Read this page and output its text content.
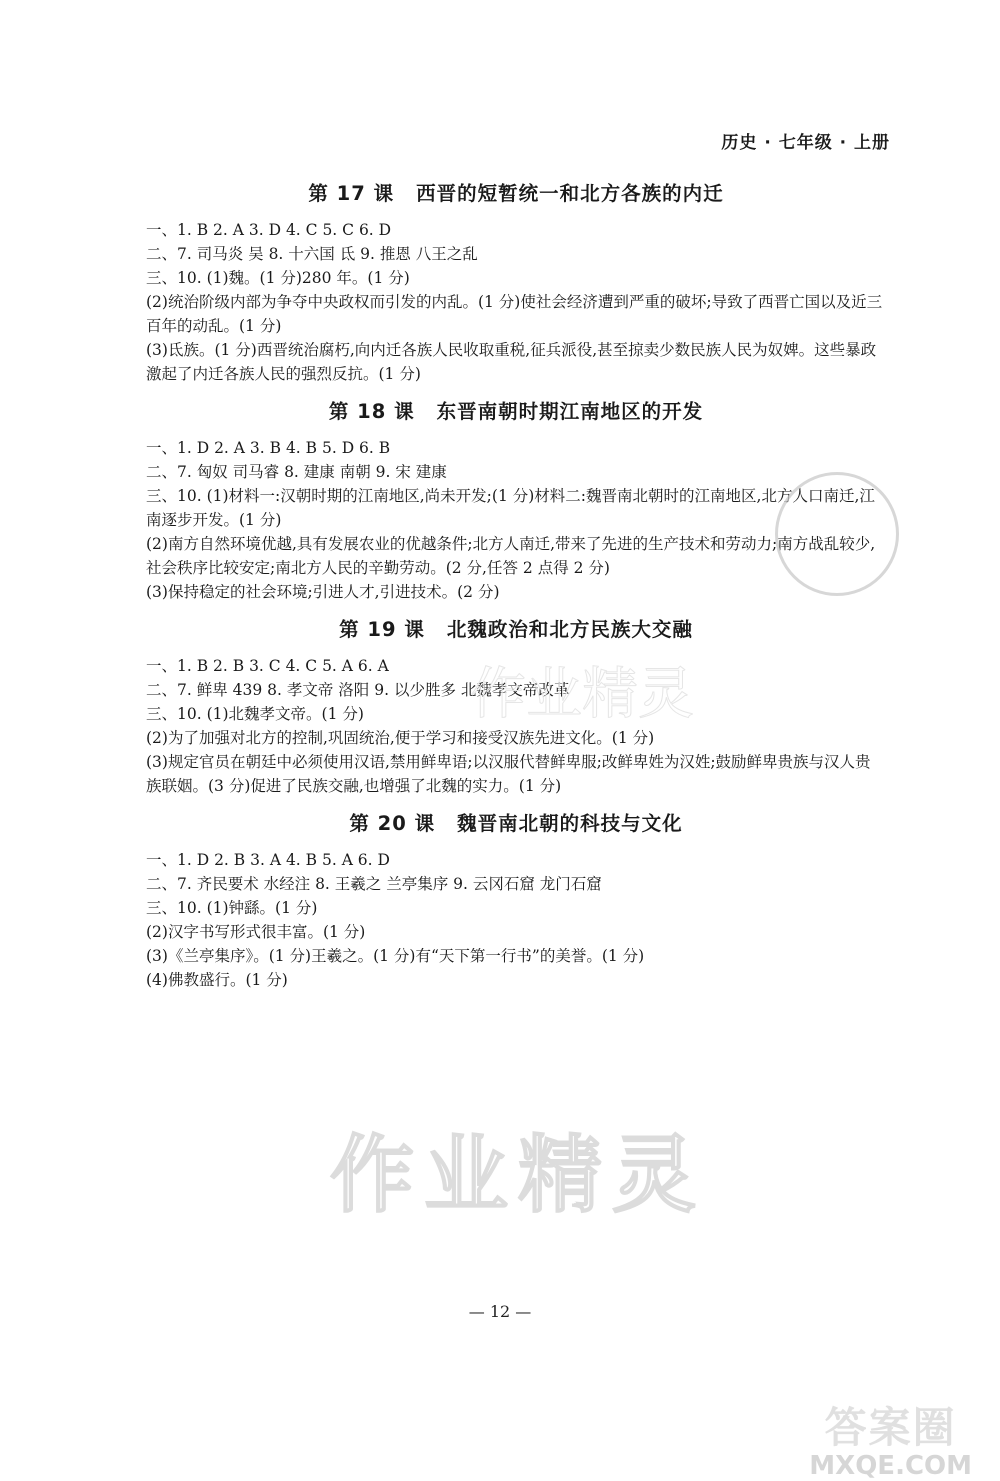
历史 · 七年级 · 上册
第 17 课 西晋的短暂统一和北方各族的内迁

一、1. B 2. A 3. D 4. C 5. C 6. D

二、7. 司马炎 吴 8. 十六国 氐 9. 推恩 八王之乱

三、10. (1)魏。(1 分)280 年。(1 分)

(2)统治阶级内部为争夺中央政权而引发的内乱。(1 分)使社会经济遭到严重的破坏;导致了西晋亡国以及近三百年的动乱。(1 分)

(3)氐族。(1 分)西晋统治腐朽,向内迁各族人民收取重税,征兵派役,甚至掠卖少数民族人民为奴婢。这些暴政激起了内迁各族人民的强烈反抗。(1 分)

第 18 课 东晋南朝时期江南地区的开发

一、1. D 2. A 3. B 4. B 5. D 6. B

二、7. 匈奴 司马睿 8. 建康 南朝 9. 宋 建康

三、10. (1)材料一:汉朝时期的江南地区,尚未开发;(1 分)材料二:魏晋南北朝时的江南地区,北方人口南迁,江南逐步开发。(1 分)

(2)南方自然环境优越,具有发展农业的优越条件;北方人南迁,带来了先进的生产技术和劳动力;南方战乱较少,社会秩序比较安定;南北方人民的辛勤劳动。(2 分,任答 2 点得 2 分)

(3)保持稳定的社会环境;引进人才,引进技术。(2 分)

第 19 课 北魏政治和北方民族大交融

一、1. B 2. B 3. C 4. C 5. A 6. A

二、7. 鲜卑 439 8. 孝文帝 洛阳 9. 以少胜多 北魏孝文帝改革

三、10. (1)北魏孝文帝。(1 分)

(2)为了加强对北方的控制,巩固统治,便于学习和接受汉族先进文化。(1 分)

(3)规定官员在朝廷中必须使用汉语,禁用鲜卑语;以汉服代替鲜卑服;改鲜卑姓为汉姓;鼓励鲜卑贵族与汉人贵族联姻。(3 分)促进了民族交融,也增强了北魏的实力。(1 分)

第 20 课 魏晋南北朝的科技与文化

一、1. D 2. B 3. A 4. B 5. A 6. D

二、7. 齐民要术 水经注 8. 王羲之 兰亭集序 9. 云冈石窟 龙门石窟

三、10. (1)钟繇。(1 分)

(2)汉字书写形式很丰富。(1 分)

(3)《兰亭集序》。(1 分)王羲之。(1 分)有“天下第一行书”的美誉。(1 分)

(4)佛教盛行。(1 分)

作业精灵
作业精灵
— 12 —
答案圈
MXQE.COM
